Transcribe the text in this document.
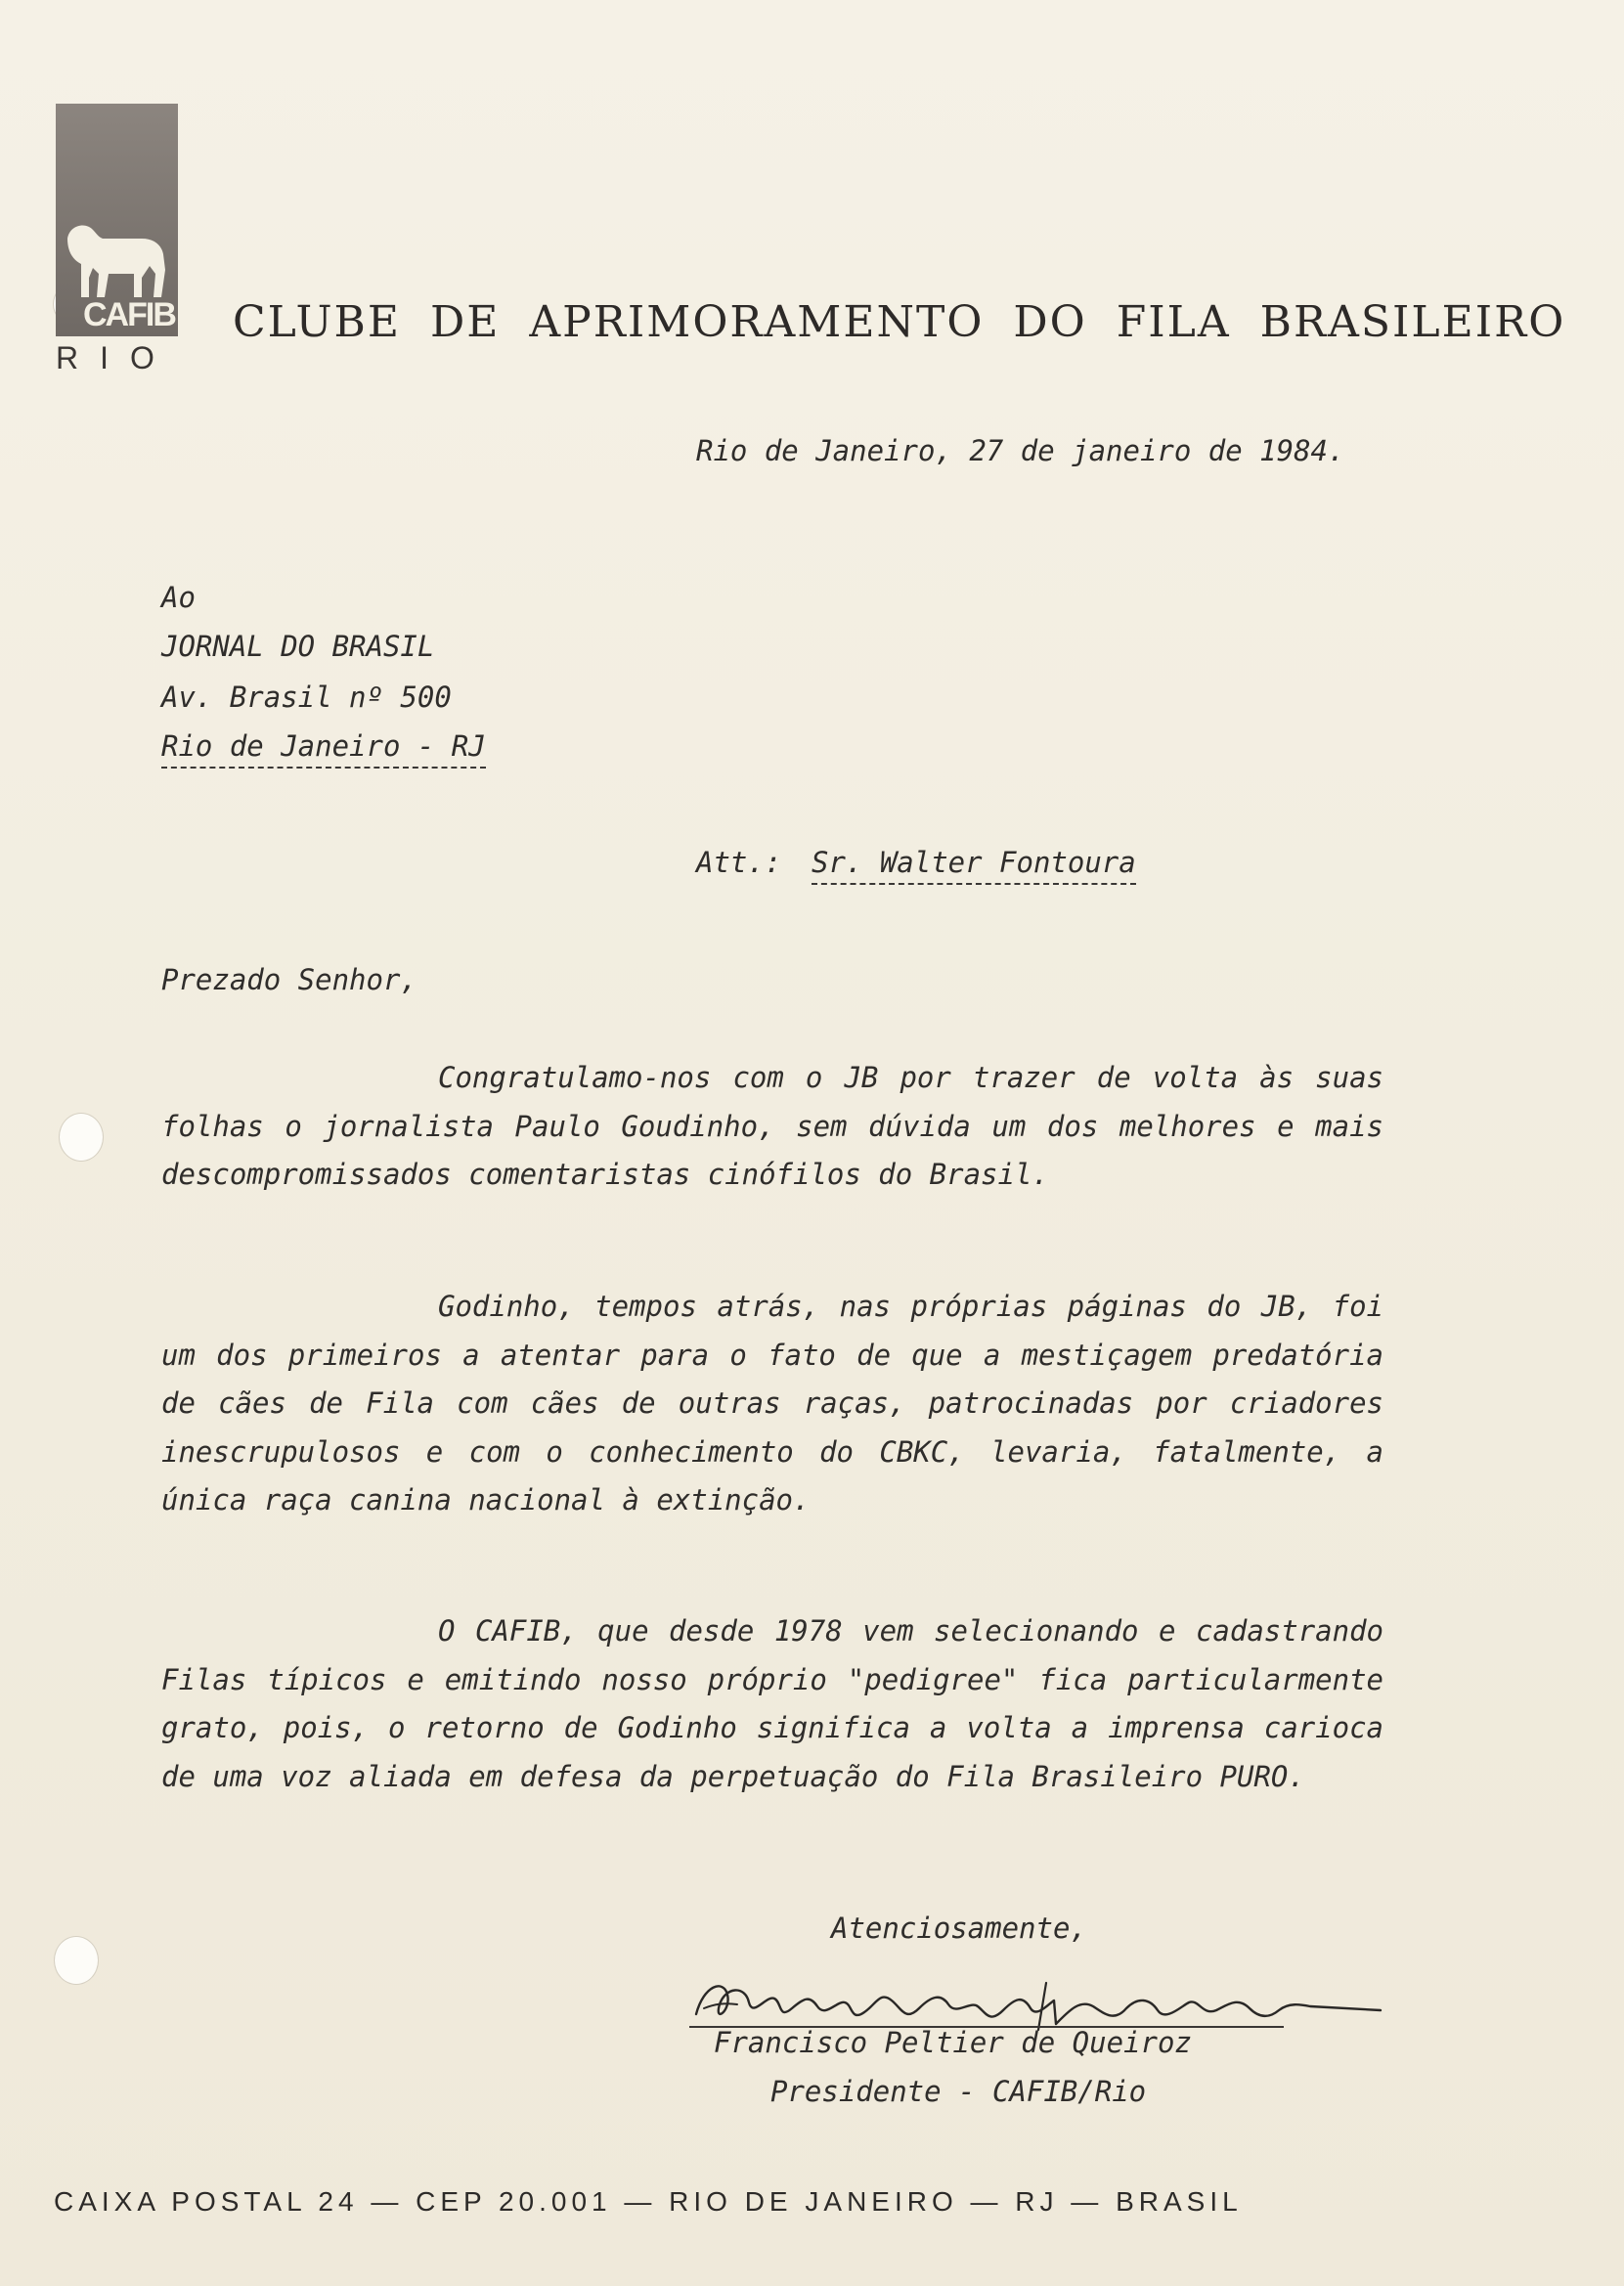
CAFIB
RIO
CLUBE DE APRIMORAMENTO DO FILA BRASILEIRO
Rio de Janeiro, 27 de janeiro de 1984.
Ao
JORNAL DO BRASIL
Av. Brasil nº 500
Rio de Janeiro - RJ
Att.: Sr. Walter Fontoura
Prezado Senhor,
Congratulamo-nos com o JB por trazer de volta às suas folhas o jornalista Paulo Goudinho, sem dúvida um dos melhores e mais descompromissados comentaristas cinófilos do Brasil.
Godinho, tempos atrás, nas próprias páginas do JB, foi um dos primeiros a atentar para o fato de que a mestiçagem predatória de cães de Fila com cães de outras raças, patrocinadas por criadores inescrupulosos e com o conhecimento do CBKC, levaria, fatalmente, a única raça canina nacional à extinção.
O CAFIB, que desde 1978 vem selecionando e cadastrando Filas típicos e emitindo nosso próprio "pedigree" fica particularmente grato, pois, o retorno de Godinho significa a volta a imprensa carioca de uma voz aliada em defesa da perpetuação do Fila Brasileiro PURO.
Atenciosamente,
Francisco Peltier de Queiroz
Presidente - CAFIB/Rio
CAIXA POSTAL 24 — CEP 20.001 — RIO DE JANEIRO — RJ — BRASIL
